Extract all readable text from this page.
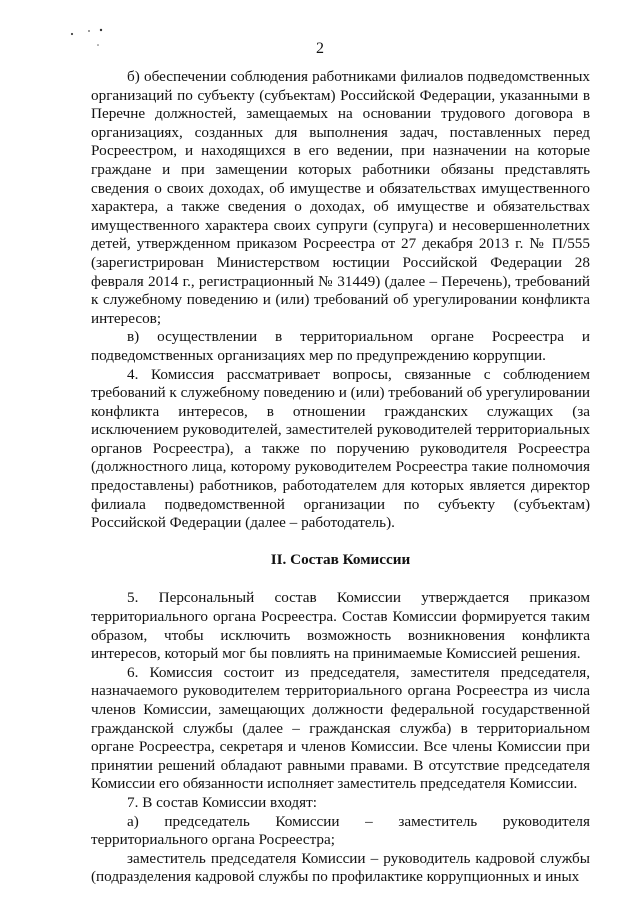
2

б) обеспечении соблюдения работниками филиалов подведомственных организаций по субъекту (субъектам) Российской Федерации, указанными в Перечне должностей, замещаемых на основании трудового договора в организациях, созданных для выполнения задач, поставленных перед Росреестром, и находящихся в его ведении, при назначении на которые граждане и при замещении которых работники обязаны представлять сведения о своих доходах, об имуществе и обязательствах имущественного характера, а также сведения о доходах, об имуществе и обязательствах имущественного характера своих супруги (супруга) и несовершеннолетних детей, утвержденном приказом Росреестра от 27 декабря 2013 г. № П/555 (зарегистрирован Министерством юстиции Российской Федерации 28 февраля 2014 г., регистрационный № 31449) (далее – Перечень), требований к служебному поведению и (или) требований об урегулировании конфликта интересов;

в) осуществлении в территориальном органе Росреестра и подведомственных организациях мер по предупреждению коррупции.

4. Комиссия рассматривает вопросы, связанные с соблюдением требований к служебному поведению и (или) требований об урегулировании конфликта интересов, в отношении гражданских служащих (за исключением руководителей, заместителей руководителей территориальных органов Росреестра), а также по поручению руководителя Росреестра (должностного лица, которому руководителем Росреестра такие полномочия предоставлены) работников, работодателем для которых является директор филиала подведомственной организации по субъекту (субъектам) Российской Федерации (далее – работодатель).

II. Состав Комиссии

5. Персональный состав Комиссии утверждается приказом территориального органа Росреестра. Состав Комиссии формируется таким образом, чтобы исключить возможность возникновения конфликта интересов, который мог бы повлиять на принимаемые Комиссией решения.

6. Комиссия состоит из председателя, заместителя председателя, назначаемого руководителем территориального органа Росреестра из числа членов Комиссии, замещающих должности федеральной государственной гражданской службы (далее – гражданская служба) в территориальном органе Росреестра, секретаря и членов Комиссии. Все члены Комиссии при принятии решений обладают равными правами. В отсутствие председателя Комиссии его обязанности исполняет заместитель председателя Комиссии.

7. В состав Комиссии входят:

а) председатель Комиссии – заместитель руководителя территориального органа Росреестра;

заместитель председателя Комиссии – руководитель кадровой службы (подразделения кадровой службы по профилактике коррупционных и иных
